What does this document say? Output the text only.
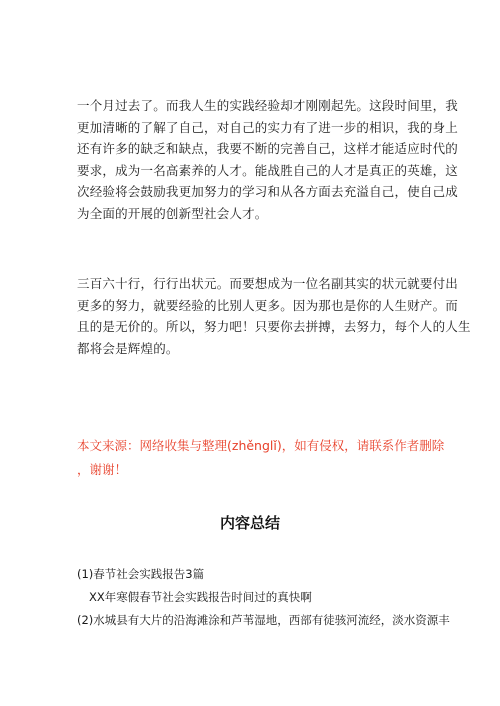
一个月过去了。而我人生的实践经验却才刚刚起先。这段时间里，我
更加清晰的了解了自己，对自己的实力有了进一步的相识，我的身上
还有许多的缺乏和缺点，我要不断的完善自己，这样才能适应时代的
要求，成为一名高素养的人才。能战胜自己的人才是真正的英雄，这
次经验将会鼓励我更加努力的学习和从各方面去充溢自己，使自己成
为全面的开展的创新型社会人才。

三百六十行，行行出状元。而要想成为一位名副其实的状元就要付出
更多的努力，就要经验的比别人更多。因为那也是你的人生财产。而
且的是无价的。所以，努力吧！只要你去拼搏，去努力，每个人的人生
都将会是辉煌的。

本文来源：网络收集与整理(zhěnglǐ)，如有侵权，请联系作者删除
，谢谢！

内容总结
(1)春节社会实践报告3篇
XX年寒假春节社会实践报告时间过的真快啊
(2)水城县有大片的沿海滩涂和芦苇湿地，西部有徒骇河流经，淡水资源丰
